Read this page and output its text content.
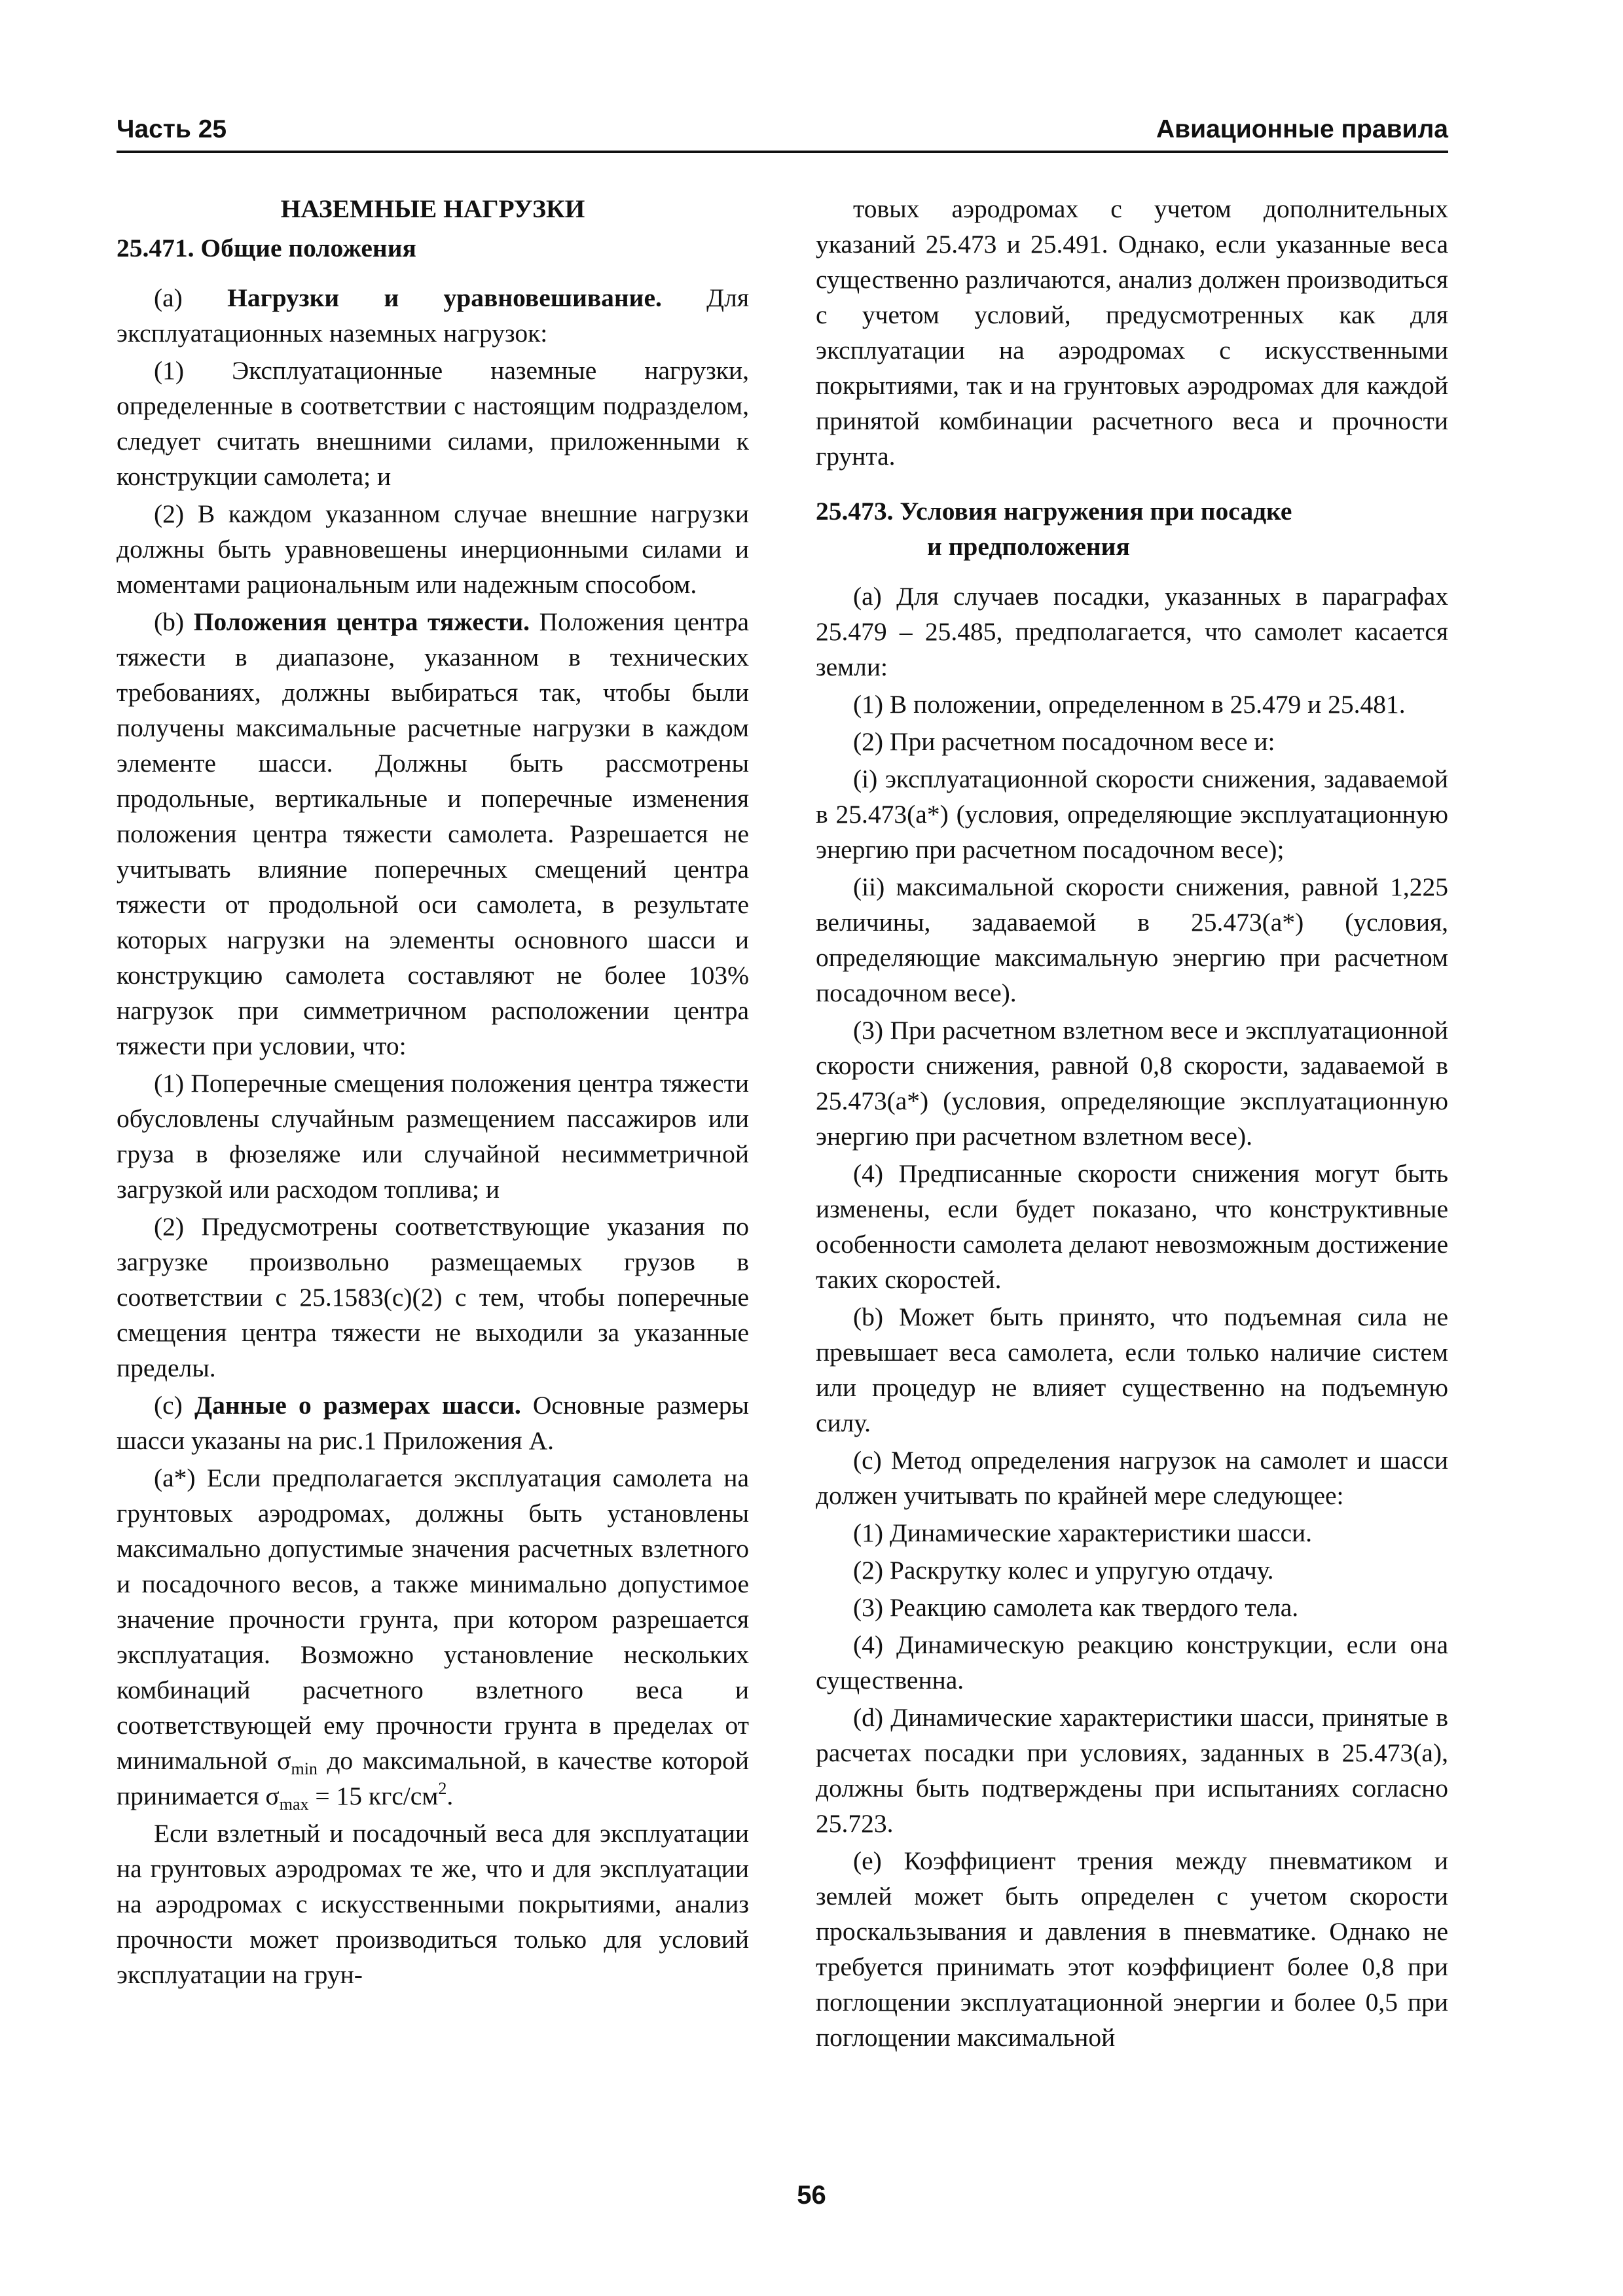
Часть 25	Авиационные правила
НАЗЕМНЫЕ НАГРУЗКИ
25.471. Общие положения

(a) Нагрузки и уравновешивание. Для эксплуатационных наземных нагрузок:

(1) Эксплуатационные наземные нагрузки, определенные в соответствии с настоящим подразделом, следует считать внешними силами, приложенными к конструкции самолета; и

(2) В каждом указанном случае внешние нагрузки должны быть уравновешены инерционными силами и моментами рациональным или надежным способом.

(b) Положения центра тяжести. Положения центра тяжести в диапазоне, указанном в технических требованиях, должны выбираться так, чтобы были получены максимальные расчетные нагрузки в каждом элементе шасси. Должны быть рассмотрены продольные, вертикальные и поперечные изменения положения центра тяжести самолета. Разрешается не учитывать влияние поперечных смещений центра тяжести от продольной оси самолета, в результате которых нагрузки на элементы основного шасси и конструкцию самолета составляют не более 103% нагрузок при симметричном расположении центра тяжести при условии, что:

(1) Поперечные смещения положения центра тяжести обусловлены случайным размещением пассажиров или груза в фюзеляже или случайной несимметричной загрузкой или расходом топлива; и

(2) Предусмотрены соответствующие указания по загрузке произвольно размещаемых грузов в соответствии с 25.1583(c)(2) с тем, чтобы поперечные смещения центра тяжести не выходили за указанные пределы.

(c) Данные о размерах шасси. Основные размеры шасси указаны на рис.1 Приложения А.

(a*) Если предполагается эксплуатация самолета на грунтовых аэродромах, должны быть установлены максимально допустимые значения расчетных взлетного и посадочного весов, а также минимально допустимое значение прочности грунта, при котором разрешается эксплуатация. Возможно установление нескольких комбинаций расчетного взлетного веса и соответствующей ему прочности грунта в пределах от минимальной $\sigma_{min}$ до максимальной, в качестве которой принимается $\sigma_{max} = 15$ кгс/$см^2$.

Если взлетный и посадочный веса для эксплуатации на грунтовых аэродромах те же, что и для эксплуатации на аэродромах с искусственными покрытиями, анализ прочности может производиться только для условий эксплуатации на грун-

товых аэродромах с учетом дополнительных указаний 25.473 и 25.491. Однако, если указанные веса существенно различаются, анализ должен производиться с учетом условий, предусмотренных как для эксплуатации на аэродромах с искусственными покрытиями, так и на грунтовых аэродромах для каждой принятой комбинации расчетного веса и прочности грунта.

25.473. Условия нагружения при посадке
и предположения

(a) Для случаев посадки, указанных в параграфах 25.479 – 25.485, предполагается, что самолет касается земли:

(1) В положении, определенном в 25.479 и 25.481.

(2) При расчетном посадочном весе и:

(i) эксплуатационной скорости снижения, задаваемой в 25.473(a*) (условия, определяющие эксплуатационную энергию при расчетном посадочном весе);

(ii) максимальной скорости снижения, равной 1,225 величины, задаваемой в 25.473(a*) (условия, определяющие максимальную энергию при расчетном посадочном весе).

(3) При расчетном взлетном весе и эксплуатационной скорости снижения, равной 0,8 скорости, задаваемой в 25.473(a*) (условия, определяющие эксплуатационную энергию при расчетном взлетном весе).

(4) Предписанные скорости снижения могут быть изменены, если будет показано, что конструктивные особенности самолета делают невозможным достижение таких скоростей.

(b) Может быть принято, что подъемная сила не превышает веса самолета, если только наличие систем или процедур не влияет существенно на подъемную силу.

(c) Метод определения нагрузок на самолет и шасси должен учитывать по крайней мере следующее:

(1) Динамические характеристики шасси.

(2) Раскрутку колес и упругую отдачу.

(3) Реакцию самолета как твердого тела.

(4) Динамическую реакцию конструкции, если она существенна.

(d) Динамические характеристики шасси, принятые в расчетах посадки при условиях, заданных в 25.473(a), должны быть подтверждены при испытаниях согласно 25.723.

(e) Коэффициент трения между пневматиком и землей может быть определен с учетом скорости проскальзывания и давления в пневматике. Однако не требуется принимать этот коэффициент более 0,8 при поглощении эксплуатационной энергии и более 0,5 при поглощении максимальной

56
